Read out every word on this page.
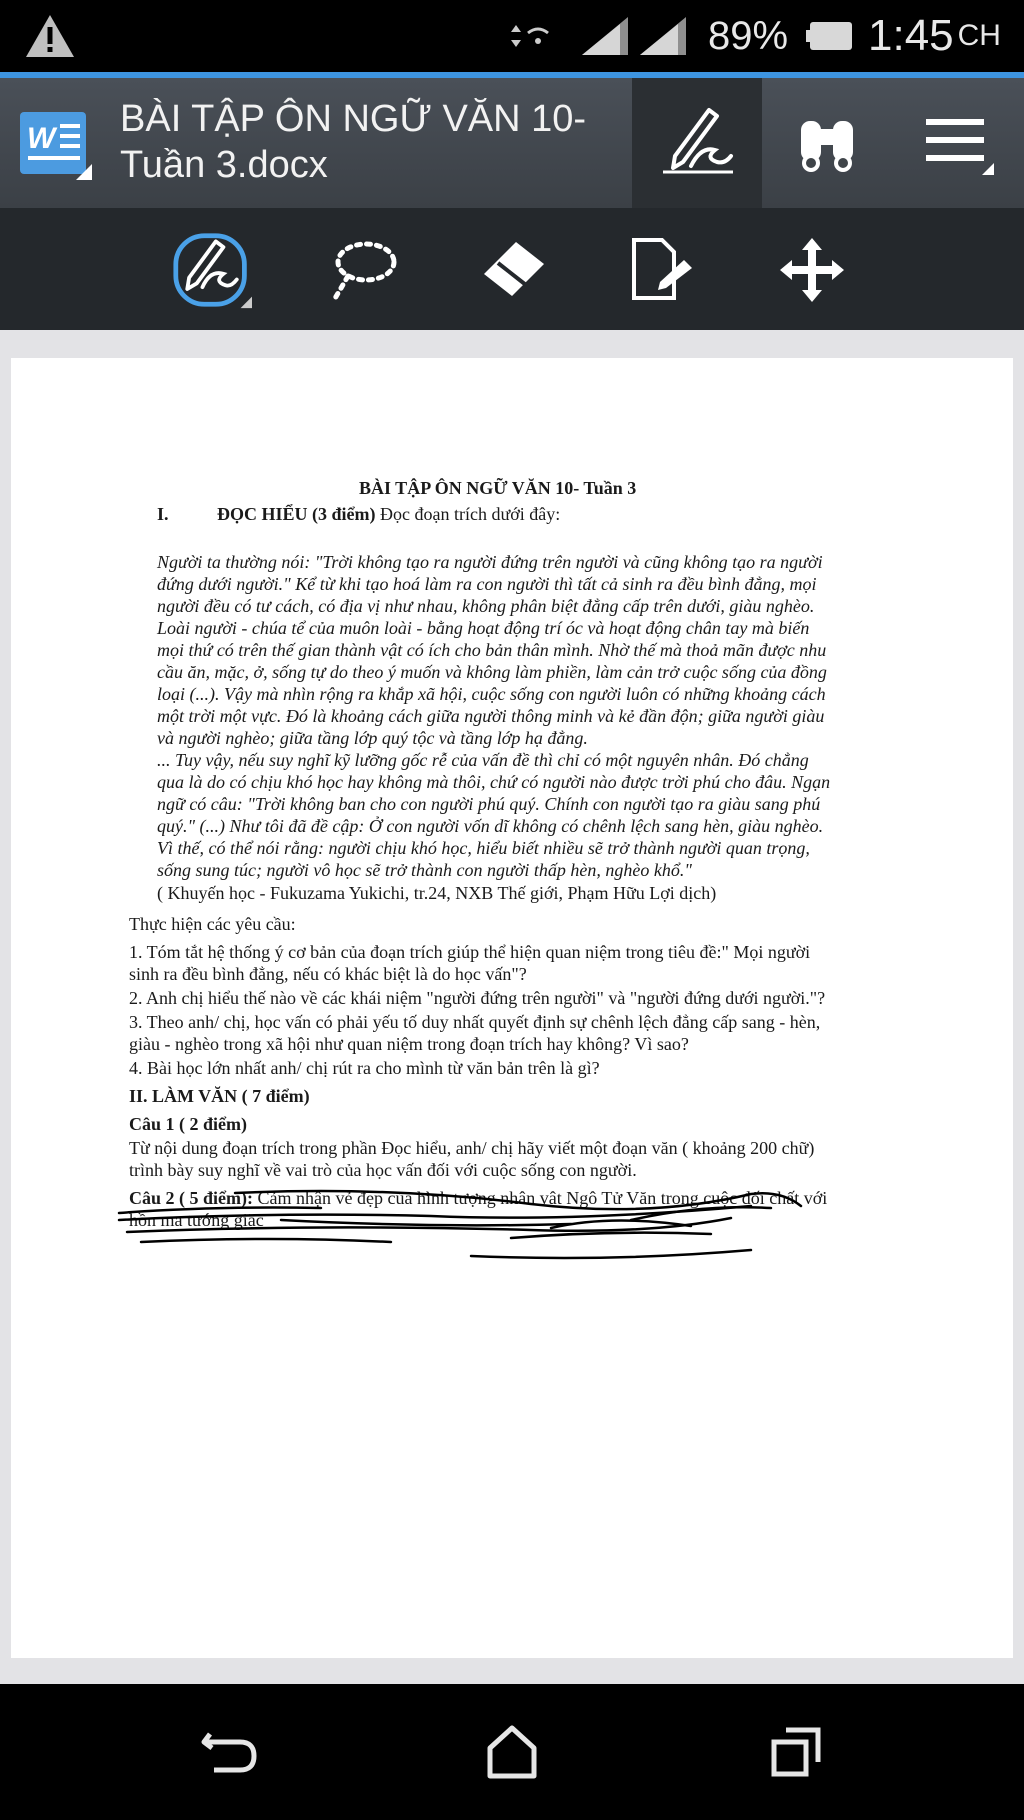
89% 1:45 CH
W BÀI TẬP ÔN NGỮ VĂN 10- Tuần 3.docx
BÀI TẬP ÔN NGỮ VĂN 10- Tuần 3
I.	ĐỌC HIỂU (3 điểm) Đọc đoạn trích dưới đây:
Người ta thường nói: "Trời không tạo ra người đứng trên người và cũng không tạo ra người
đứng dưới người." Kể từ khi tạo hoá làm ra con người thì tất cả sinh ra đều bình đẳng, mọi
người đều có tư cách, có địa vị như nhau, không phân biệt đẳng cấp trên dưới, giàu nghèo.
Loài người - chúa tể của muôn loài - bằng hoạt động trí óc và hoạt động chân tay mà biến
mọi thứ có trên thế gian thành vật có ích cho bản thân mình. Nhờ thế mà thoả mãn được nhu
cầu ăn, mặc, ở, sống tự do theo ý muốn và không làm phiền, làm cản trở cuộc sống của đồng
loại (...). Vậy mà nhìn rộng ra khắp xã hội, cuộc sống con người luôn có những khoảng cách
một trời một vực. Đó là khoảng cách giữa người thông minh và kẻ đần độn; giữa người giàu
và người nghèo; giữa tầng lớp quý tộc và tầng lớp hạ đẳng.
... Tuy vậy, nếu suy nghĩ kỹ lưỡng gốc rễ của vấn đề thì chỉ có một nguyên nhân. Đó chẳng
qua là do có chịu khó học hay không mà thôi, chứ có người nào được trời phú cho đâu. Ngạn
ngữ có câu: "Trời không ban cho con người phú quý. Chính con người tạo ra giàu sang phú
quý." (...) Như tôi đã đề cập: Ở con người vốn dĩ không có chênh lệch sang hèn, giàu nghèo.
Vì thế, có thể nói rằng: người chịu khó học, hiểu biết nhiều sẽ trở thành người quan trọng,
sống sung túc; người vô học sẽ trở thành con người thấp hèn, nghèo khổ."
( Khuyến học - Fukuzama Yukichi, tr.24, NXB Thế giới, Phạm Hữu Lợi dịch)
Thực hiện các yêu cầu:
1. Tóm tắt hệ thống ý cơ bản của đoạn trích giúp thể hiện quan niệm trong tiêu đề:" Mọi người
sinh ra đều bình đẳng, nếu có khác biệt là do học vấn"?
2. Anh chị hiểu thế nào về các khái niệm "người đứng trên người" và "người đứng dưới người."?
3. Theo anh/ chị, học vấn có phải yếu tố duy nhất quyết định sự chênh lệch đẳng cấp sang - hèn,
giàu - nghèo trong xã hội như quan niệm trong đoạn trích hay không? Vì sao?
4. Bài học lớn nhất anh/ chị rút ra cho mình từ văn bản trên là gì?
II. LÀM VĂN ( 7 điểm)
Câu 1 ( 2 điểm)
Từ nội dung đoạn trích trong phần Đọc hiểu, anh/ chị hãy viết một đoạn văn ( khoảng 200 chữ)
trình bày suy nghĩ về vai trò của học vấn đối với cuộc sống con người.
Câu 2 ( 5 điểm): Cảm nhận vẻ đẹp của hình tượng nhân vật Ngô Tử Văn trong cuộc đối chất với
hồn ma tướng giặc
